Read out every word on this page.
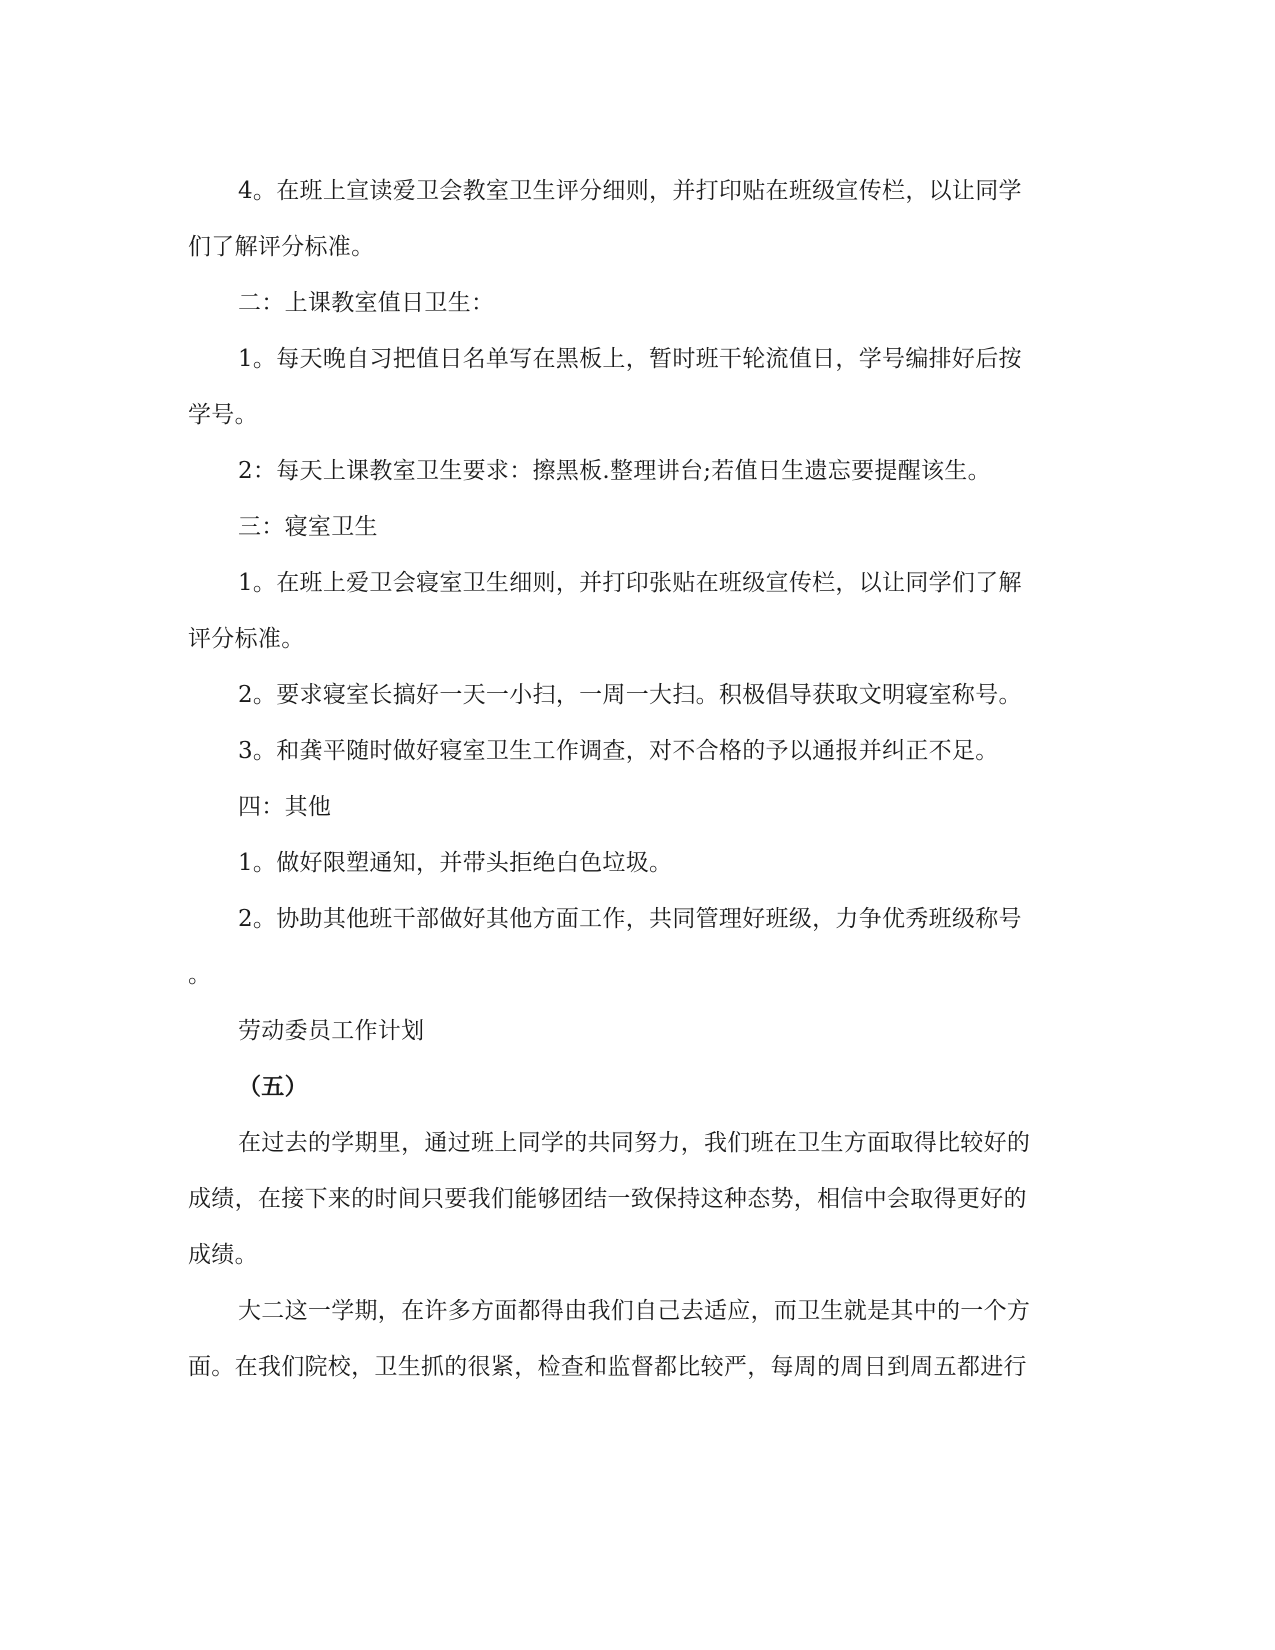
4。在班上宣读爱卫会教室卫生评分细则，并打印贴在班级宣传栏，以让同学
们了解评分标准。
二：上课教室值日卫生：
1。每天晚自习把值日名单写在黑板上，暂时班干轮流值日，学号编排好后按
学号。
2：每天上课教室卫生要求：擦黑板.整理讲台;若值日生遗忘要提醒该生。
三：寝室卫生
1。在班上爱卫会寝室卫生细则，并打印张贴在班级宣传栏，以让同学们了解
评分标准。
2。要求寝室长搞好一天一小扫，一周一大扫。积极倡导获取文明寝室称号。
3。和龚平随时做好寝室卫生工作调查，对不合格的予以通报并纠正不足。
四：其他
1。做好限塑通知，并带头拒绝白色垃圾。
2。协助其他班干部做好其他方面工作，共同管理好班级，力争优秀班级称号
。
劳动委员工作计划
（五）
在过去的学期里，通过班上同学的共同努力，我们班在卫生方面取得比较好的
成绩，在接下来的时间只要我们能够团结一致保持这种态势，相信中会取得更好的
成绩。
大二这一学期，在许多方面都得由我们自己去适应，而卫生就是其中的一个方
面。在我们院校，卫生抓的很紧，检查和监督都比较严，每周的周日到周五都进行
